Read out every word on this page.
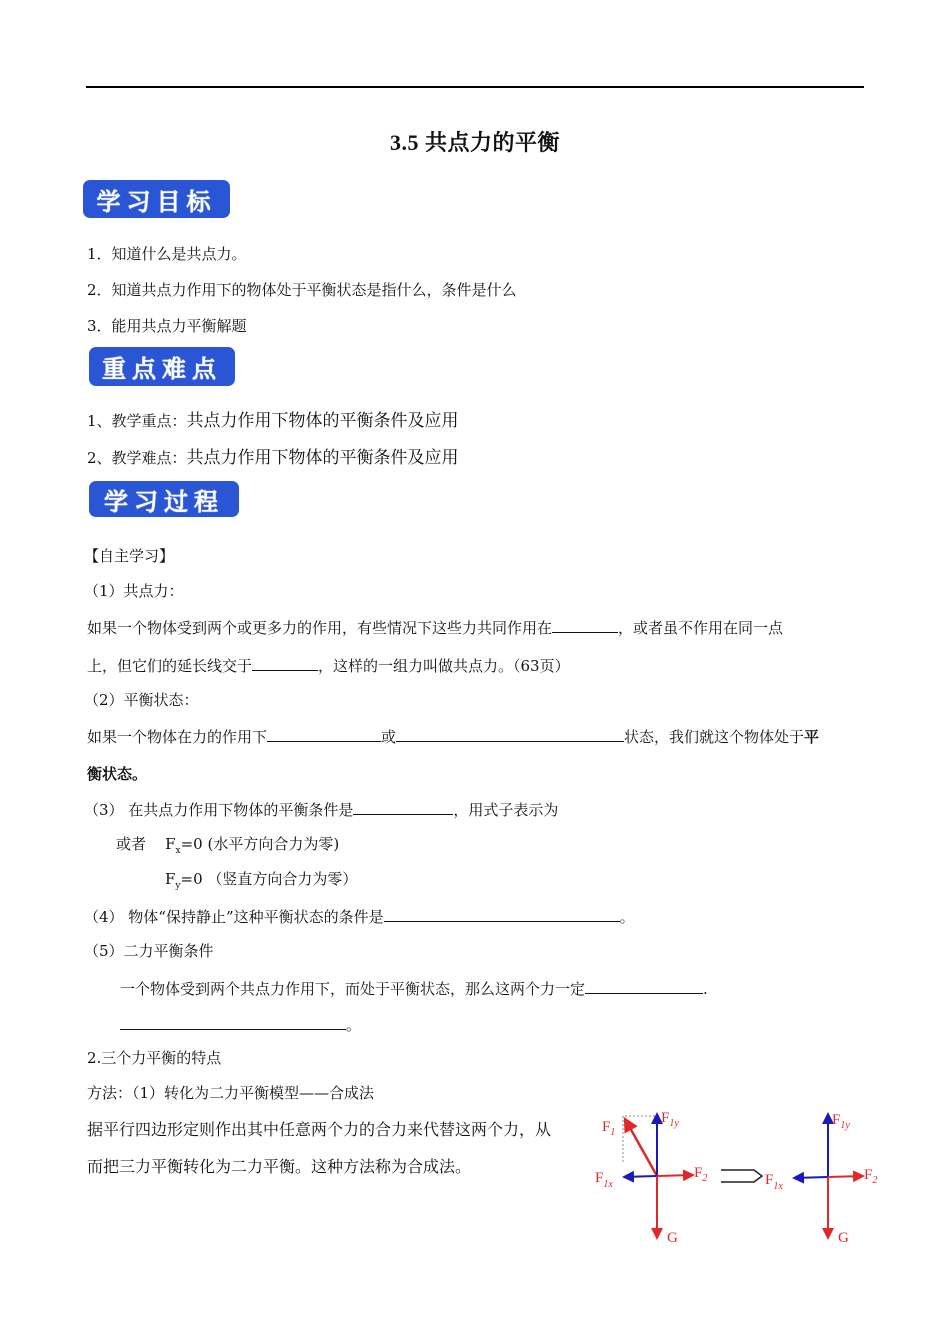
3.5 共点力的平衡
学习目标
1．知道什么是共点力。
2．知道共点力作用下的物体处于平衡状态是指什么，条件是什么
3．能用共点力平衡解题
重点难点
1、教学重点：共点力作用下物体的平衡条件及应用
2、教学难点：共点力作用下物体的平衡条件及应用
学习过程
【自主学习】
（1）共点力：
如果一个物体受到两个或更多力的作用，有些情况下这些力共同作用在	，或者虽不作用在同一点
上，但它们的延长线交于	，这样的一组力叫做共点力。（63页）
（2）平衡状态：
如果一个物体在力的作用下	或	状态，我们就这个物体处于平
衡状态。
（3） 在共点力作用下物体的平衡条件是	，用式子表示为
或者 $F_x=0$ (水平方向合力为零)
$F_y=0$ （竖直方向合力为零）
（4） 物体“保持静止”这种平衡状态的条件是	。
（5）二力平衡条件
一个物体受到两个共点力作用下，而处于平衡状态，那么这两个力一定	.
。
2.三个力平衡的特点
方法：（1）转化为二力平衡模型——合成法
据平行四边形定则作出其中任意两个力的合力来代替这两个力，从
而把三力平衡转化为二力平衡。这种方法称为合成法。
$F_1$
$F_{1y}$
$F_{1x}$
$F_2$
G
$F_{1y}$
$F_{1x}$
$F_2$
G
